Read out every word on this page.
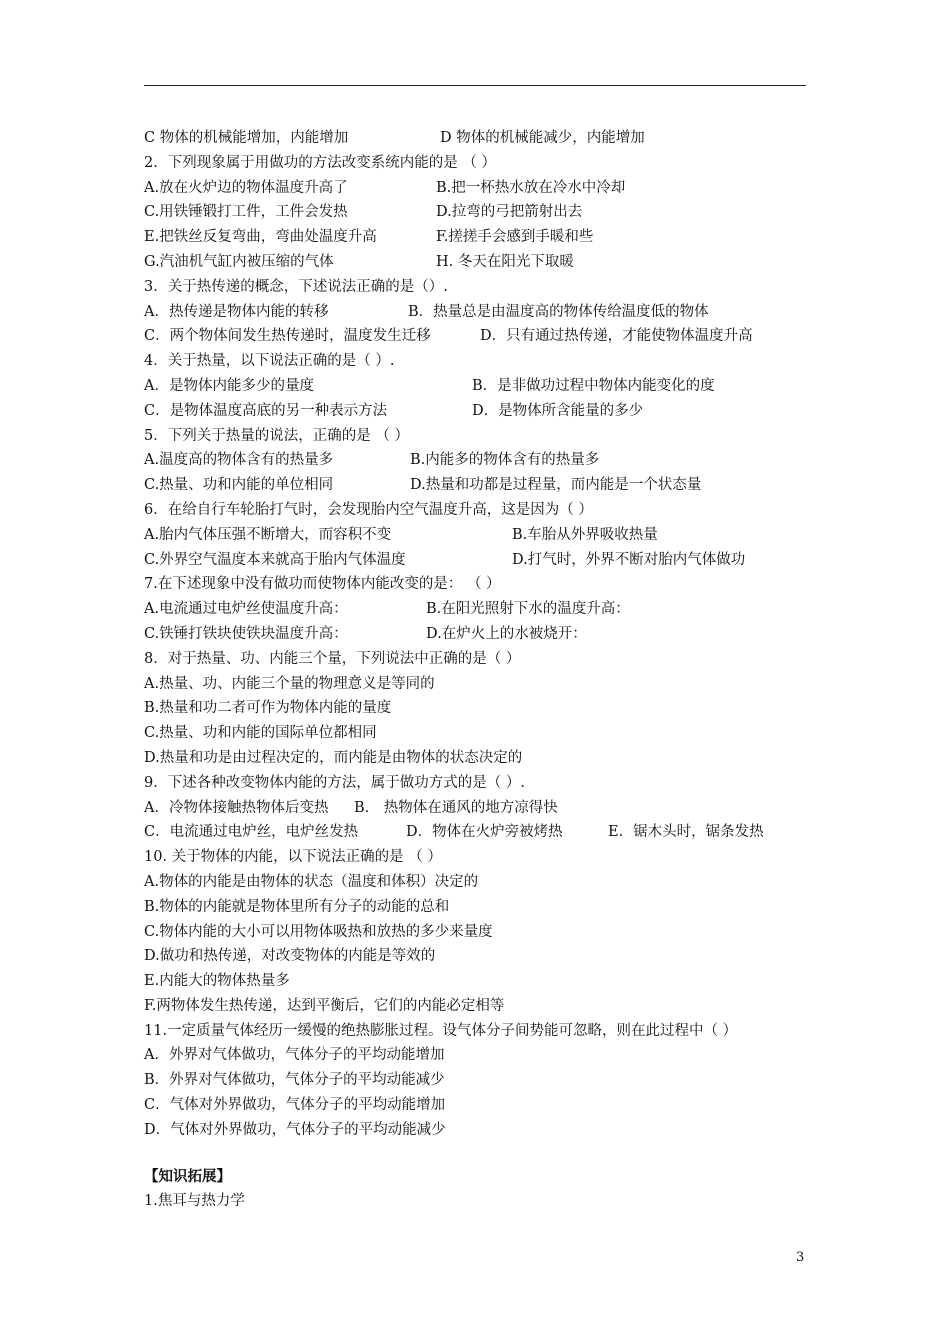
C 物体的机械能增加，内能增加	D 物体的机械能减少，内能增加
2．下列现象属于用做功的方法改变系统内能的是 （ ）
A.放在火炉边的物体温度升高了	B.把一杯热水放在冷水中冷却
C.用铁锤锻打工件，工件会发热	D.拉弯的弓把箭射出去
E.把铁丝反复弯曲，弯曲处温度升高	F.搓搓手会感到手暖和些
G.汽油机气缸内被压缩的气体	H. 冬天在阳光下取暖
3．关于热传递的概念，下述说法正确的是（）.
A．热传递是物体内能的转移	B．热量总是由温度高的物体传给温度低的物体
C．两个物体间发生热传递时，温度发生迁移	D．只有通过热传递，才能使物体温度升高
4．关于热量，以下说法正确的是（ ）.
A．是物体内能多少的量度	B．是非做功过程中物体内能变化的度
C．是物体温度高底的另一种表示方法	D．是物体所含能量的多少
5．下列关于热量的说法，正确的是 （ ）
A.温度高的物体含有的热量多	B.内能多的物体含有的热量多
C.热量、功和内能的单位相同	D.热量和功都是过程量，而内能是一个状态量
6．在给自行车轮胎打气时，会发现胎内空气温度升高，这是因为（ ）
A.胎内气体压强不断增大，而容积不变	B.车胎从外界吸收热量
C.外界空气温度本来就高于胎内气体温度	D.打气时，外界不断对胎内气体做功
7.在下述现象中没有做功而使物体内能改变的是： （ ）
A.电流通过电炉丝使温度升高：	B.在阳光照射下水的温度升高：
C.铁锤打铁块使铁块温度升高：	D.在炉火上的水被烧开：
8．对于热量、功、内能三个量，下列说法中正确的是（ ）
A.热量、功、内能三个量的物理意义是等同的
B.热量和功二者可作为物体内能的量度
C.热量、功和内能的国际单位都相同
D.热量和功是由过程决定的，而内能是由物体的状态决定的
9．下述各种改变物体内能的方法，属于做功方式的是（ ）.
A．冷物体接触热物体后变热 B． 热物体在通风的地方凉得快
C．电流通过电炉丝，电炉丝发热	D．物体在火炉旁被烤热	E．锯木头时，锯条发热
10. 关于物体的内能，以下说法正确的是 （ ）
A.物体的内能是由物体的状态（温度和体积）决定的
B.物体的内能就是物体里所有分子的动能的总和
C.物体内能的大小可以用物体吸热和放热的多少来量度
D.做功和热传递，对改变物体的内能是等效的
E.内能大的物体热量多
F.两物体发生热传递，达到平衡后，它们的内能必定相等
11.一定质量气体经历一缓慢的绝热膨胀过程。设气体分子间势能可忽略，则在此过程中（ ）
A．外界对气体做功，气体分子的平均动能增加
B．外界对气体做功，气体分子的平均动能减少
C．气体对外界做功，气体分子的平均动能增加
D．气体对外界做功，气体分子的平均动能减少
【知识拓展】
1.焦耳与热力学
3
